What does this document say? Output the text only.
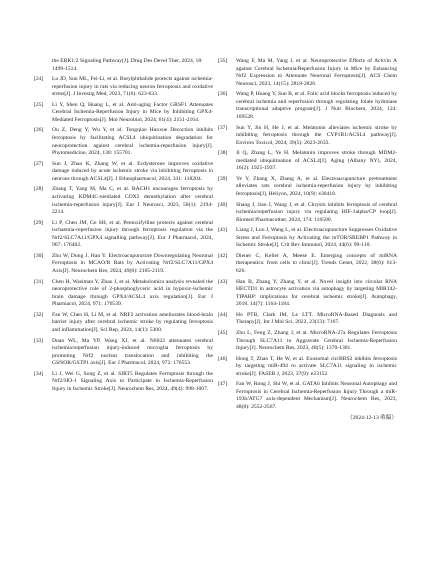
the ERK1/2 Signaling Pathway[J]. Drug Des Devel Ther, 2024, 18: 1499-1514.
[24] Lu JD, Sun ML, Fei-Li, et al. Butylphthalide protects against ischemia-reperfusion injury in rats via reducing neuron ferroptosis and oxidative stress[J]. J Investig Med, 2023, 71(6): 623-633.
[25] Li Y, Shen Q, Huang L, et al. Anti-aging Factor GRSF1 Attenuates Cerebral Ischemia-Reperfusion Injury in Mice by Inhibiting GPX4-Mediated Ferroptosis[J]. Mol Neurobiol, 2024, 61(4): 2151-2164.
[26] Ou Z, Deng Y, Wu Y, et al. Tongqiao Huoxue Decoction inhibits ferroptosis by facilitating ACSL4 ubiquitination degradation for neuroprotection against cerebral ischemia-reperfusion injury[J]. Phytomedicine, 2024, 130: 155701.
[27] Sun J, Zhao K, Zhang W, et al. Ecdysterone improves oxidative damage induced by acute ischemic stroke via inhibiting ferroptosis in neurons through ACSL4[J]. J Ethnopharmacol, 2024, 331: 118204.
[28] Zhang T, Yang M, Ma C, et al. BACH1 encourages ferroptosis by activating KDM4C-mediated COX2 demethylation after cerebral ischemia-reperfusion injury[J]. Eur J Neurosci, 2023, 58(1): 2194-2214.
[29] Li P, Chen JM, Ge SH, et al. Pentoxifylline protects against cerebral ischaemia-reperfusion injury through ferroptosis regulation via the Nrf2/SLC7A11/GPX4 signalling pathway[J]. Eur J Pharmacol, 2024, 967: 176402.
[30] Zhu W, Dong J, Han Y. Electroacupuncture Downregulating Neuronal Ferroptosis in MCAO/R Rats by Activating Nrf2/SLC7A11/GPX4 Axis[J]. Neurochem Res, 2024, 49(8): 2105-2119.
[31] Chen H, Wasiman Y, Zhao J, et al. Metabolomics analysis revealed the neuroprotective role of 2-phosphoglyceric acid in hypoxic-ischemic brain damage through GPX4/ACSL4 axis regulation[J]. Eur J Pharmacol, 2024, 971: 176539.
[32] Fan W, Chen H, Li M, et al. NRF2 activation ameliorates blood-brain barrier injury after cerebral ischemic stroke by regulating ferroptosis and inflammation[J]. Sci Rep, 2024, 14(1): 5300.
[33] Duan WL, Ma YP, Wang XJ, et al. N6022 attenuates cerebral ischemia/reperfusion injury-induced microglia ferroptosis by promoting Nrf2 nuclear translocation and inhibiting the GSNOR/GSTP1 axis[J]. Eur J Pharmacol, 2024, 972: 176553.
[34] Li J, Wei G, Song Z, et al. SIRT5 Regulates Ferroptosis through the Nrf2/HO-1 Signaling Axis to Participate in Ischemia-Reperfusion Injury in Ischemic Stroke[J]. Neurochem Res, 2024, 49(4): 998-1007.
[35] Wang F, Ma M, Yang J, et al. Neuroprotective Effects of Activin A against Cerebral Ischemia/Reperfusion Injury in Mice by Enhancing Nrf2 Expression to Attenuate Neuronal Ferroptosis[J]. ACS Chem Neurosci, 2023, 14(15): 2818-2826.
[36] Wang P, Huang Y, Sun B, et al. Folic acid blocks ferroptosis induced by cerebral ischemia and reperfusion through regulating folate hydrolase transcriptional adaptive program[J]. J Nutr Biochem, 2024, 124: 109528.
[37] Sun Y, Jin H, He J, et al. Melatonin alleviates ischemic stroke by inhibiting ferroptosis through the CYP1B1/ACSL4 pathway[J]. Environ Toxicol, 2024, 39(5): 2623-2633.
[38] Ji Q, Zhang L, Ye H. Melatonin improves stroke through MDM2-mediated ubiquitination of ACSL4[J]. Aging (Albany NY), 2024, 16(2): 1925-1937.
[39] Ye Y, Zhang X, Zhang A, et al. Electroacupuncture pretreatment alleviates rats cerebral ischemia-reperfusion injury by inhibiting ferroptosis[J]. Heliyon, 2024, 10(9): e30418.
[40] Shang J, Jiao J, Wang J, et al. Chrysin inhibits ferroptosis of cerebral ischemia/reperfusion injury via regulating HIF-1alpha/CP loop[J]. Biomed Pharmacother, 2024, 174: 116500.
[41] Liang J, Luo J, Wang L, et al. Electroacupuncture Suppresses Oxidative Stress and Ferroptosis by Activating the mTOR/SREBP1 Pathway in Ischemic Stroke[J]. Crit Rev Immunol, 2024, 44(6): 99-110.
[42] Diener C, Keller A, Meese E. Emerging concepts of miRNA therapeutics: from cells to clinic[J]. Trends Genet, 2022, 38(6): 613-626.
[43] Han B, Zhang Y, Zhang Y, et al. Novel insight into circular RNA HECTD1 in astrocyte activation via autophagy by targeting MIR142-TIPARP: implications for cerebral ischemic stroke[J]. Autophagy, 2018, 14(7): 1164-1184.
[44] Ho PTB, Clark IM, Le LTT. MicroRNA-Based Diagnosis and Therapy[J]. Int J Mol Sci, 2022, 23(13): 7167.
[45] Zhu L, Feng Z, Zhang J, et al. MicroRNA-27a Regulates Ferroptosis Through SLC7A11 to Aggravate Cerebral Ischemia-Reperfusion Injury[J]. Neurochem Res, 2023, 48(5): 1370-1381.
[46] Hong T, Zhao T, He W, et al. Exosomal circBBS2 inhibits ferroptosis by targeting miR-494 to activate SLC7A11 signaling in ischemic stroke[J]. FASEB J, 2023, 37(9): e23152.
[47] Fan W, Rong J, Shi W, et al. GATA6 Inhibits Neuronal Autophagy and Ferroptosis in Cerebral Ischemia-Reperfusion Injury Through a miR-193b/ATG7 axis-dependent Mechanism[J]. Neurochem Res, 2023, 48(8): 2552-2567.
（2024-12-13 收稿）
